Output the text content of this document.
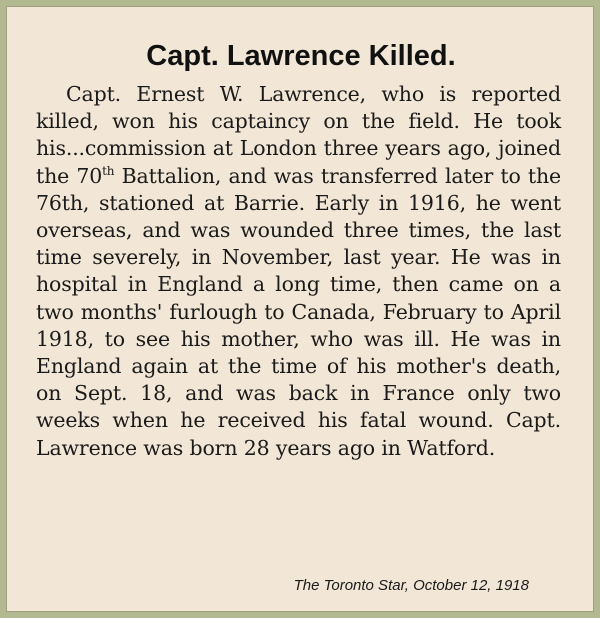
Capt. Lawrence Killed.

Capt. Ernest W. Lawrence, who is reported killed, won his captaincy on the field. He took his...commission at London three years ago, joined the 70th Battalion, and was transferred later to the 76th, stationed at Barrie. Early in 1916, he went overseas, and was wounded three times, the last time severely, in November, last year. He was in hospital in England a long time, then came on a two months' furlough to Canada, February to April 1918, to see his mother, who was ill. He was in England again at the time of his mother's death, on Sept. 18, and was back in France only two weeks when he received his fatal wound. Capt. Lawrence was born 28 years ago in Watford.

The Toronto Star, October 12, 1918
